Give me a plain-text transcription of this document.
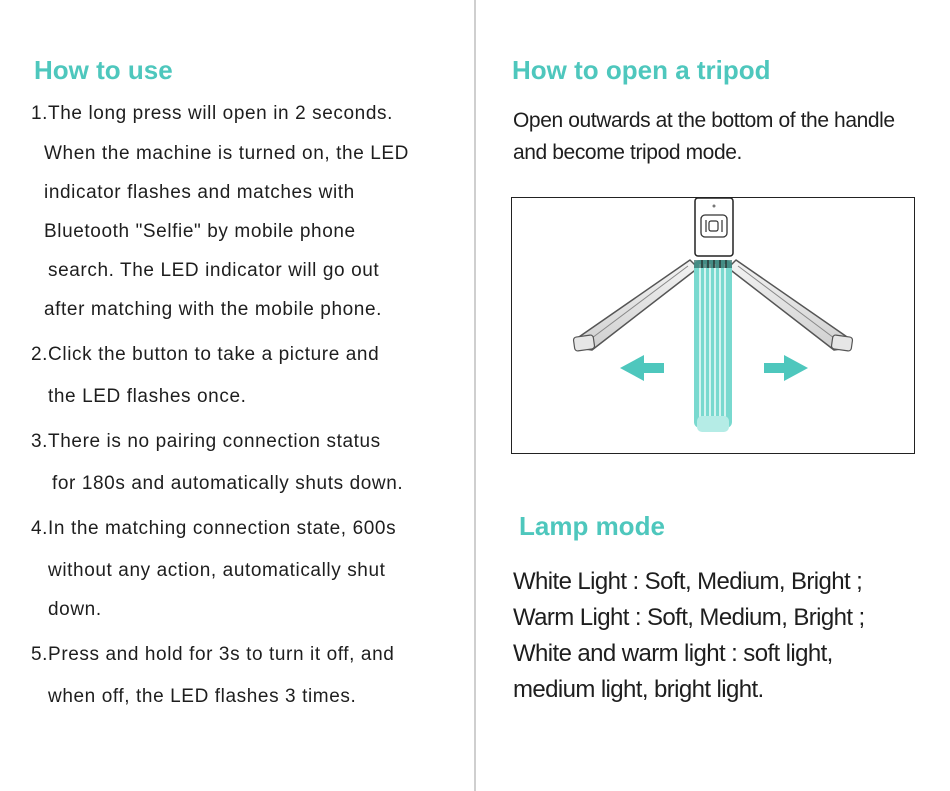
How to use

1.The long press will open in 2 seconds.

When the machine is turned on, the LED

indicator flashes and matches with

Bluetooth "Selfie" by mobile phone

search. The LED indicator will go out

after matching with the mobile phone.

2.Click the button to take a picture and

the LED flashes once.

3.There is no pairing connection status

for 180s and automatically shuts down.

4.In the matching connection state, 600s

without any action, automatically shut

down.

5.Press and hold for 3s to turn it off, and

when off, the LED flashes 3 times.

How to open a tripod

Open outwards at the bottom of the handle

and become tripod mode.

Lamp mode

White Light : Soft, Medium, Bright ;

Warm Light : Soft, Medium, Bright ;

White and warm light : soft light,

medium light, bright light.
